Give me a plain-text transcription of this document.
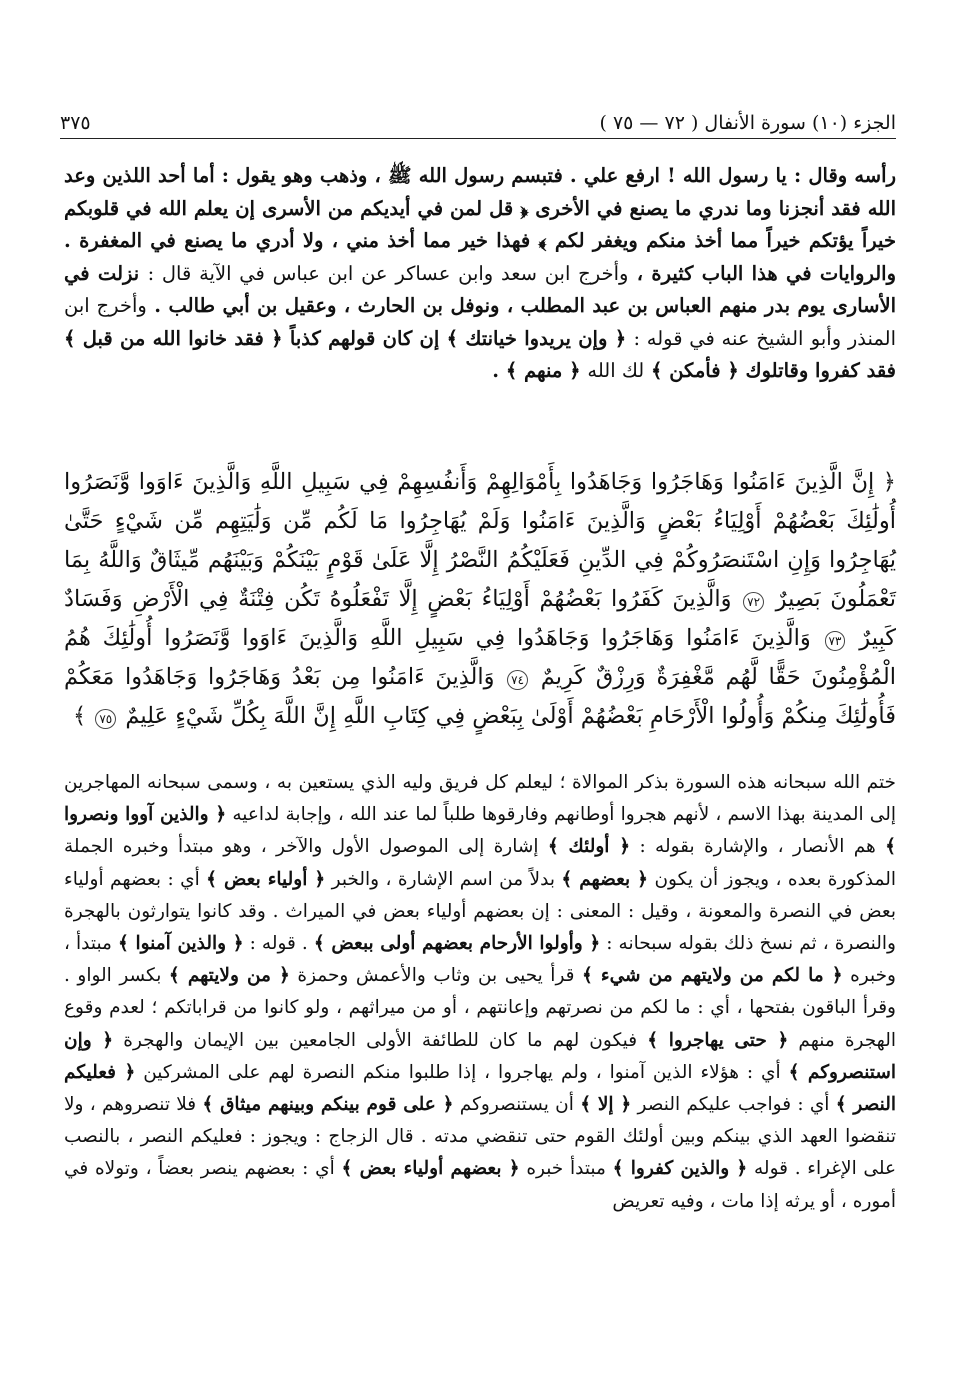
الجزء (١٠) سورة الأنفال ( ٧٢ — ٧٥ )
٣٧٥
رأسه وقال : يا رسول الله ! ارفع علي . فتبسم رسول الله ﷺ ، وذهب وهو يقول : أما أحد اللذين وعد الله فقد أنجزنا وما ندري ما يصنع في الأخرى ﴿ قل لمن في أيديكم من الأسرى إن يعلم الله في قلوبكم خيراً يؤتكم خيراً مما أخذ منكم ويغفر لكم ﴾ فهذا خير مما أخذ مني ، ولا أدري ما يصنع في المغفرة . والروايات في هذا الباب كثيرة ، وأخرج ابن سعد وابن عساكر عن ابن عباس في الآية قال : نزلت في الأسارى يوم بدر منهم العباس بن عبد المطلب ، ونوفل بن الحارث ، وعقيل بن أبي طالب . وأخرج ابن المنذر وأبو الشيخ عنه في قوله : ﴿ وإن يريدوا خيانتك ﴾ إن كان قولهم كذباً ﴿ فقد خانوا الله من قبل ﴾ فقد كفروا وقاتلوك ﴿ فأمكن ﴾ لك الله ﴿ منهم ﴾ .
﴿ إِنَّ الَّذِينَ ءَامَنُوا وَهَاجَرُوا وَجَاهَدُوا بِأَمْوَالِهِمْ وَأَنفُسِهِمْ فِي سَبِيلِ اللَّهِ وَالَّذِينَ ءَاوَوا وَّنَصَرُوا أُولَٰئِكَ بَعْضُهُمْ أَوْلِيَاءُ بَعْضٍ وَالَّذِينَ ءَامَنُوا وَلَمْ يُهَاجِرُوا مَا لَكُم مِّن وَلَٰيَتِهِم مِّن شَيْءٍ حَتَّىٰ يُهَاجِرُوا وَإِنِ اسْتَنصَرُوكُمْ فِي الدِّينِ فَعَلَيْكُمُ النَّصْرُ إِلَّا عَلَىٰ قَوْمٍ بَيْنَكُمْ وَبَيْنَهُم مِّيثَاقٌ وَاللَّهُ بِمَا تَعْمَلُونَ بَصِيرٌ ٧٢ وَالَّذِينَ كَفَرُوا بَعْضُهُمْ أَوْلِيَاءُ بَعْضٍ إِلَّا تَفْعَلُوهُ تَكُن فِتْنَةٌ فِي الْأَرْضِ وَفَسَادٌ كَبِيرٌ ٧٣ وَالَّذِينَ ءَامَنُوا وَهَاجَرُوا وَجَاهَدُوا فِي سَبِيلِ اللَّهِ وَالَّذِينَ ءَاوَوا وَّنَصَرُوا أُولَٰئِكَ هُمُ الْمُؤْمِنُونَ حَقًّا لَّهُم مَّغْفِرَةٌ وَرِزْقٌ كَرِيمٌ ٧٤ وَالَّذِينَ ءَامَنُوا مِن بَعْدُ وَهَاجَرُوا وَجَاهَدُوا مَعَكُمْ فَأُولَٰئِكَ مِنكُمْ وَأُولُوا الْأَرْحَامِ بَعْضُهُمْ أَوْلَىٰ بِبَعْضٍ فِي كِتَابِ اللَّهِ إِنَّ اللَّهَ بِكُلِّ شَيْءٍ عَلِيمٌ ٧٥ ﴾
ختم الله سبحانه هذه السورة بذكر الموالاة ؛ ليعلم كل فريق وليه الذي يستعين به ، وسمى سبحانه المهاجرين إلى المدينة بهذا الاسم ، لأنهم هجروا أوطانهم وفارقوها طلباً لما عند الله ، وإجابة لداعيه ﴿ والذين آووا ونصروا ﴾ هم الأنصار ، والإشارة بقوله : ﴿ أولئك ﴾ إشارة إلى الموصول الأول والآخر ، وهو مبتدأ وخبره الجملة المذكورة بعده ، ويجوز أن يكون ﴿ بعضهم ﴾ بدلاً من اسم الإشارة ، والخبر ﴿ أولياء بعض ﴾ أي : بعضهم أولياء بعض في النصرة والمعونة ، وقيل : المعنى : إن بعضهم أولياء بعض في الميراث . وقد كانوا يتوارثون بالهجرة والنصرة ، ثم نسخ ذلك بقوله سبحانه : ﴿ وأولوا الأرحام بعضهم أولى ببعض ﴾ . قوله : ﴿ والذين آمنوا ﴾ مبتدأ ، وخبره ﴿ ما لكم من ولايتهم من شيء ﴾ قرأ يحيى بن وثاب والأعمش وحمزة ﴿ من ولايتهم ﴾ بكسر الواو . وقرأ الباقون بفتحها ، أي : ما لكم من نصرتهم وإعانتهم ، أو من ميراثهم ، ولو كانوا من قراباتكم ؛ لعدم وقوع الهجرة منهم ﴿ حتى يهاجروا ﴾ فيكون لهم ما كان للطائفة الأولى الجامعين بين الإيمان والهجرة ﴿ وإن استنصروكم ﴾ أي : هؤلاء الذين آمنوا ، ولم يهاجروا ، إذا طلبوا منكم النصرة لهم على المشركين ﴿ فعليكم النصر ﴾ أي : فواجب عليكم النصر ﴿ إلا ﴾ أن يستنصروكم ﴿ على قوم بينكم وبينهم ميثاق ﴾ فلا تنصروهم ، ولا تنقضوا العهد الذي بينكم وبين أولئك القوم حتى تنقضي مدته . قال الزجاج : ويجوز : فعليكم النصر ، بالنصب على الإغراء . قوله ﴿ والذين كفروا ﴾ مبتدأ خبره ﴿ بعضهم أولياء بعض ﴾ أي : بعضهم ينصر بعضاً ، وتولاه في أموره ، أو يرثه إذا مات ، وفيه تعريض
